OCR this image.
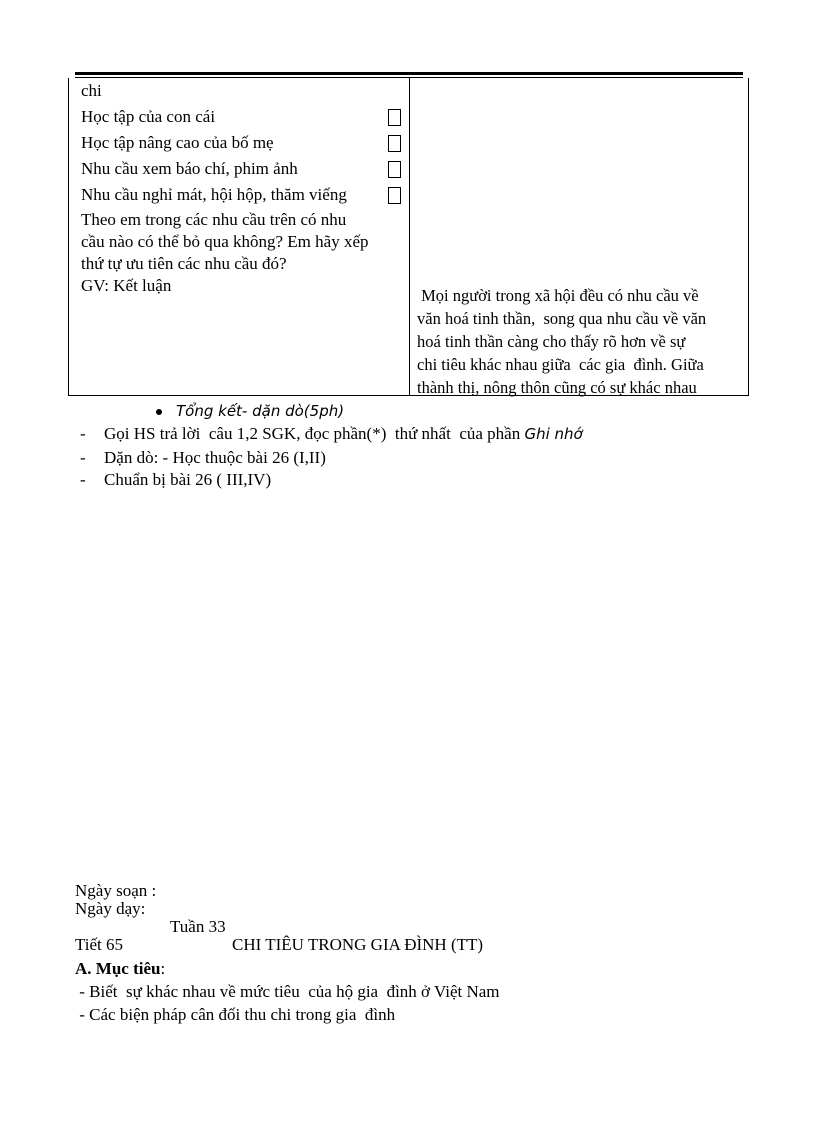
chi
Học tập của con cái
Học tập nâng cao của bố mẹ
Nhu cầu xem báo chí, phim ảnh
Nhu cầu nghỉ mát, hội hộp, thăm viếng
Theo em trong các nhu cầu trên có nhu
cầu nào có thể bỏ qua không? Em hãy xếp
thứ tự ưu tiên các nhu cầu đó?
GV: Kết luận
Mọi người trong xã hội đều có nhu cầu về
văn hoá tinh thần,  song qua nhu cầu về văn
hoá tinh thần càng cho thấy rõ hơn về sự
chi tiêu khác nhau giữa  các gia  đình. Giữa
thành thị, nông thôn cũng có sự khác nhau
Tổng kết- dặn dò(5ph)
- Gọi HS trả lời  câu 1,2 SGK, đọc phần(*)  thứ nhất  của phần Ghi nhớ
- Dặn dò: - Học thuộc bài 26 (I,II)
- Chuẩn bị bài 26 ( III,IV)
Ngày soạn :
Ngày dạy:
Tuần 33
Tiết 65	CHI TIÊU TRONG GIA ĐÌNH (TT)
A. Mục tiêu:
- Biết  sự khác nhau về mức tiêu  của hộ gia  đình ở Việt Nam
- Các biện pháp cân đối thu chi trong gia  đình
